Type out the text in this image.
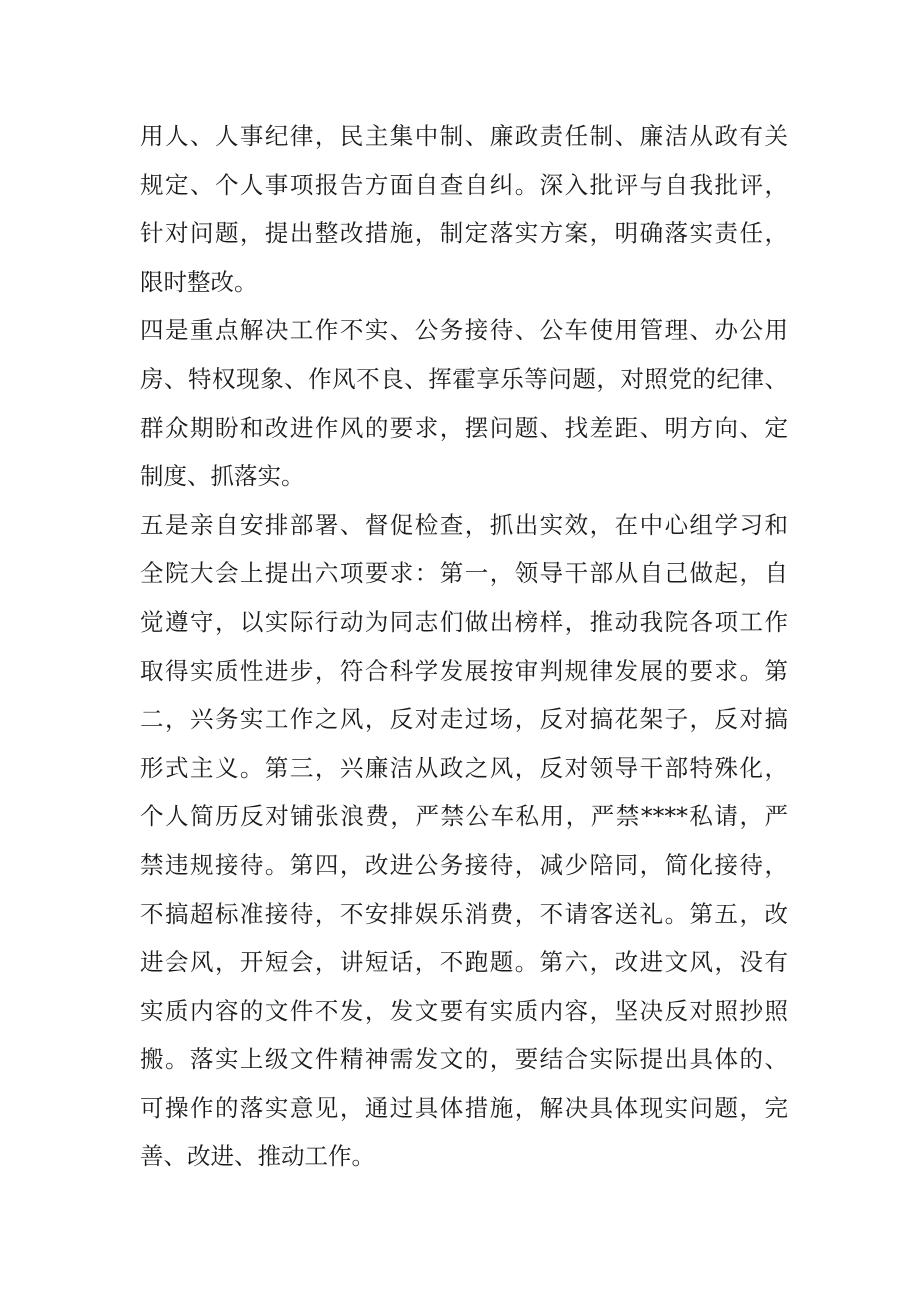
用人、人事纪律，民主集中制、廉政责任制、廉洁从政有关
规定、个人事项报告方面自查自纠。深入批评与自我批评，
针对问题，提出整改措施，制定落实方案，明确落实责任，
限时整改。
四是重点解决工作不实、公务接待、公车使用管理、办公用
房、特权现象、作风不良、挥霍享乐等问题，对照党的纪律、
群众期盼和改进作风的要求，摆问题、找差距、明方向、定
制度、抓落实。
五是亲自安排部署、督促检查，抓出实效，在中心组学习和
全院大会上提出六项要求：第一，领导干部从自己做起，自
觉遵守，以实际行动为同志们做出榜样，推动我院各项工作
取得实质性进步，符合科学发展按审判规律发展的要求。第
二，兴务实工作之风，反对走过场，反对搞花架子，反对搞
形式主义。第三，兴廉洁从政之风，反对领导干部特殊化，
个人简历反对铺张浪费，严禁公车私用，严禁****私请，严
禁违规接待。第四，改进公务接待，减少陪同，简化接待，
不搞超标准接待，不安排娱乐消费，不请客送礼。第五，改
进会风，开短会，讲短话，不跑题。第六，改进文风，没有
实质内容的文件不发，发文要有实质内容，坚决反对照抄照
搬。落实上级文件精神需发文的，要结合实际提出具体的、
可操作的落实意见，通过具体措施，解决具体现实问题，完
善、改进、推动工作。
